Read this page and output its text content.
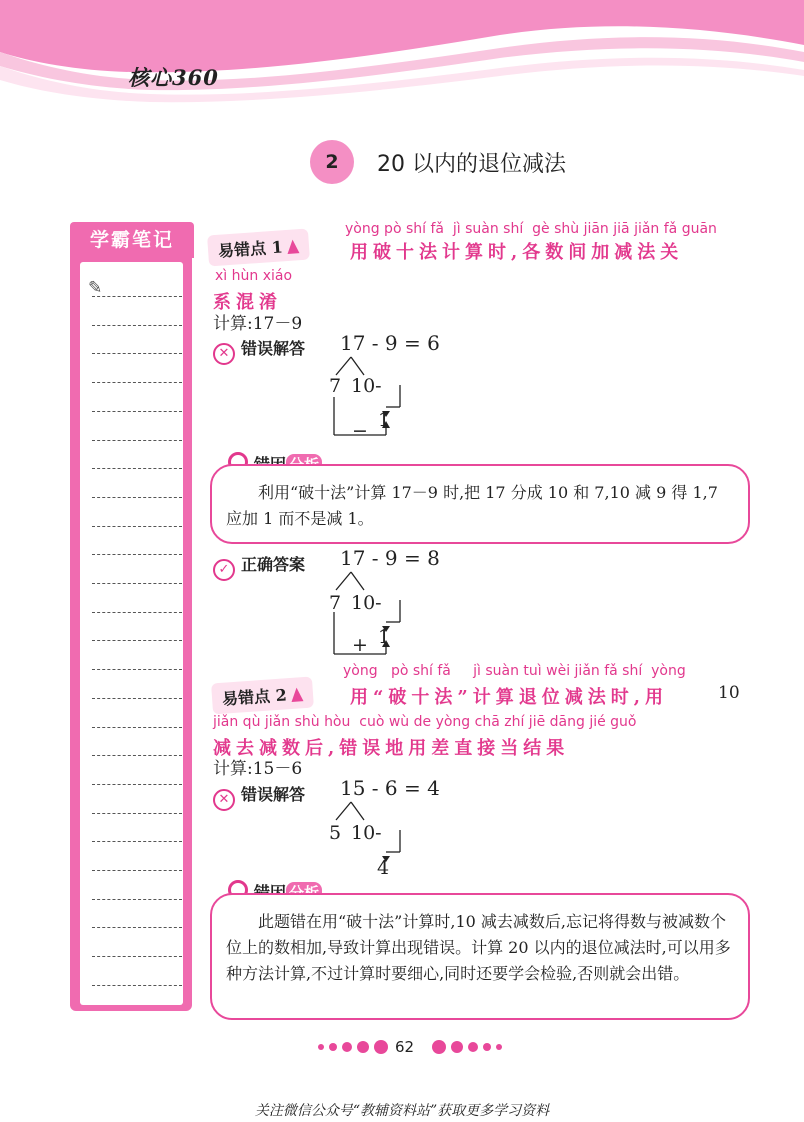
核心360
2	20 以内的退位减法
学霸笔记
✎
易错点 1
yòng pò shí fǎ  jì suàn shí  gè shù jiān jiā jiǎn fǎ guān
用破十法计算时,各数间加减法关
xì hùn xiáo
系混淆
计算:17－9
✕ 错误解答 17 - 9 = 6
7 10-
− 1

利用“破十法”计算 17－9 时,把 17 分成 10 和 7,10 减 9 得 1,7 应加 1 而不是减 1。

✓ 正确答案 17 - 9 = 8
7 10-
+ 1
易错点 2
yòng   pò shí fǎ     jì suàn tuì wèi jiǎn fǎ shí  yòng
用“破十法”计算退位减法时,用	10
jiǎn qù jiǎn shù hòu  cuò wù de yòng chā zhí jiē dāng jié guǒ
减去减数后,错误地用差直接当结果
计算:15－6
✕ 错误解答 15 - 6 = 4
5 10-
4

此题错在用“破十法”计算时,10 减去减数后,忘记将得数与被减数个位上的数相加,导致计算出现错误。计算 20 以内的退位减法时,可以用多种方法计算,不过计算时要细心,同时还要学会检验,否则就会出错。

62
关注微信公众号“教辅资料站”获取更多学习资料
